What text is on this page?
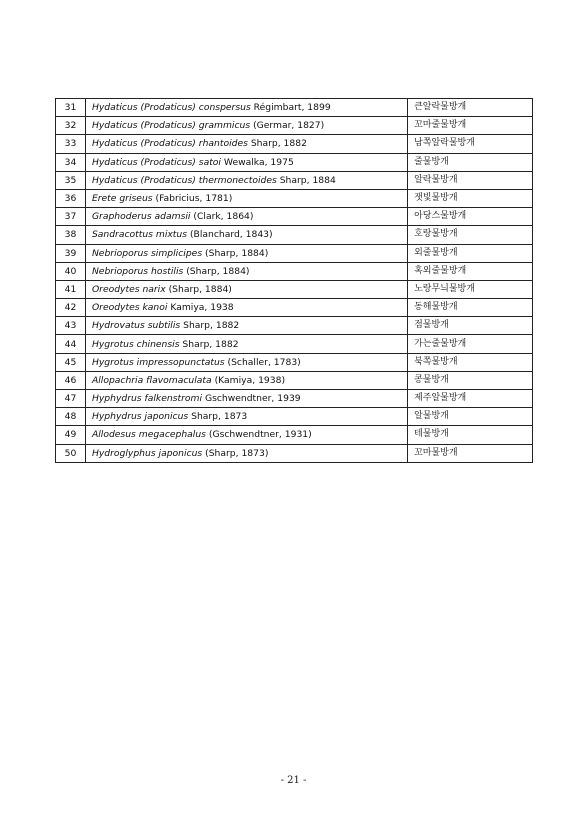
31	Hydaticus (Prodaticus) conspersus Régimbart, 1899	큰알락물방개
32	Hydaticus (Prodaticus) grammicus (Germar, 1827)	꼬마줄물방개
33	Hydaticus (Prodaticus) rhantoides Sharp, 1882	남쪽알락물방개
34	Hydaticus (Prodaticus) satoi Wewalka, 1975	줄물방개
35	Hydaticus (Prodaticus) thermonectoides Sharp, 1884	알락물방개
36	Erete griseus (Fabricius, 1781)	잿빛물방개
37	Graphoderus adamsii (Clark, 1864)	아당스물방개
38	Sandracottus mixtus (Blanchard, 1843)	호랑물방개
39	Nebrioporus simplicipes (Sharp, 1884)	외줄물방개
40	Nebrioporus hostilis (Sharp, 1884)	혹외줄물방개
41	Oreodytes narix (Sharp, 1884)	노랑무늬물방개
42	Oreodytes kanoi Kamiya, 1938	동해물방개
43	Hydrovatus subtilis Sharp, 1882	점물방개
44	Hygrotus chinensis Sharp, 1882	가는줄물방개
45	Hygrotus impressopunctatus (Schaller, 1783)	북쪽물방개
46	Allopachria flavomaculata (Kamiya, 1938)	콩물방개
47	Hyphydrus falkenstromi Gschwendtner, 1939	제주알물방개
48	Hyphydrus japonicus Sharp, 1873	알물방개
49	Allodesus megacephalus (Gschwendtner, 1931)	테물방개
50	Hydroglyphus japonicus (Sharp, 1873)	꼬마물방개
- 21 -
